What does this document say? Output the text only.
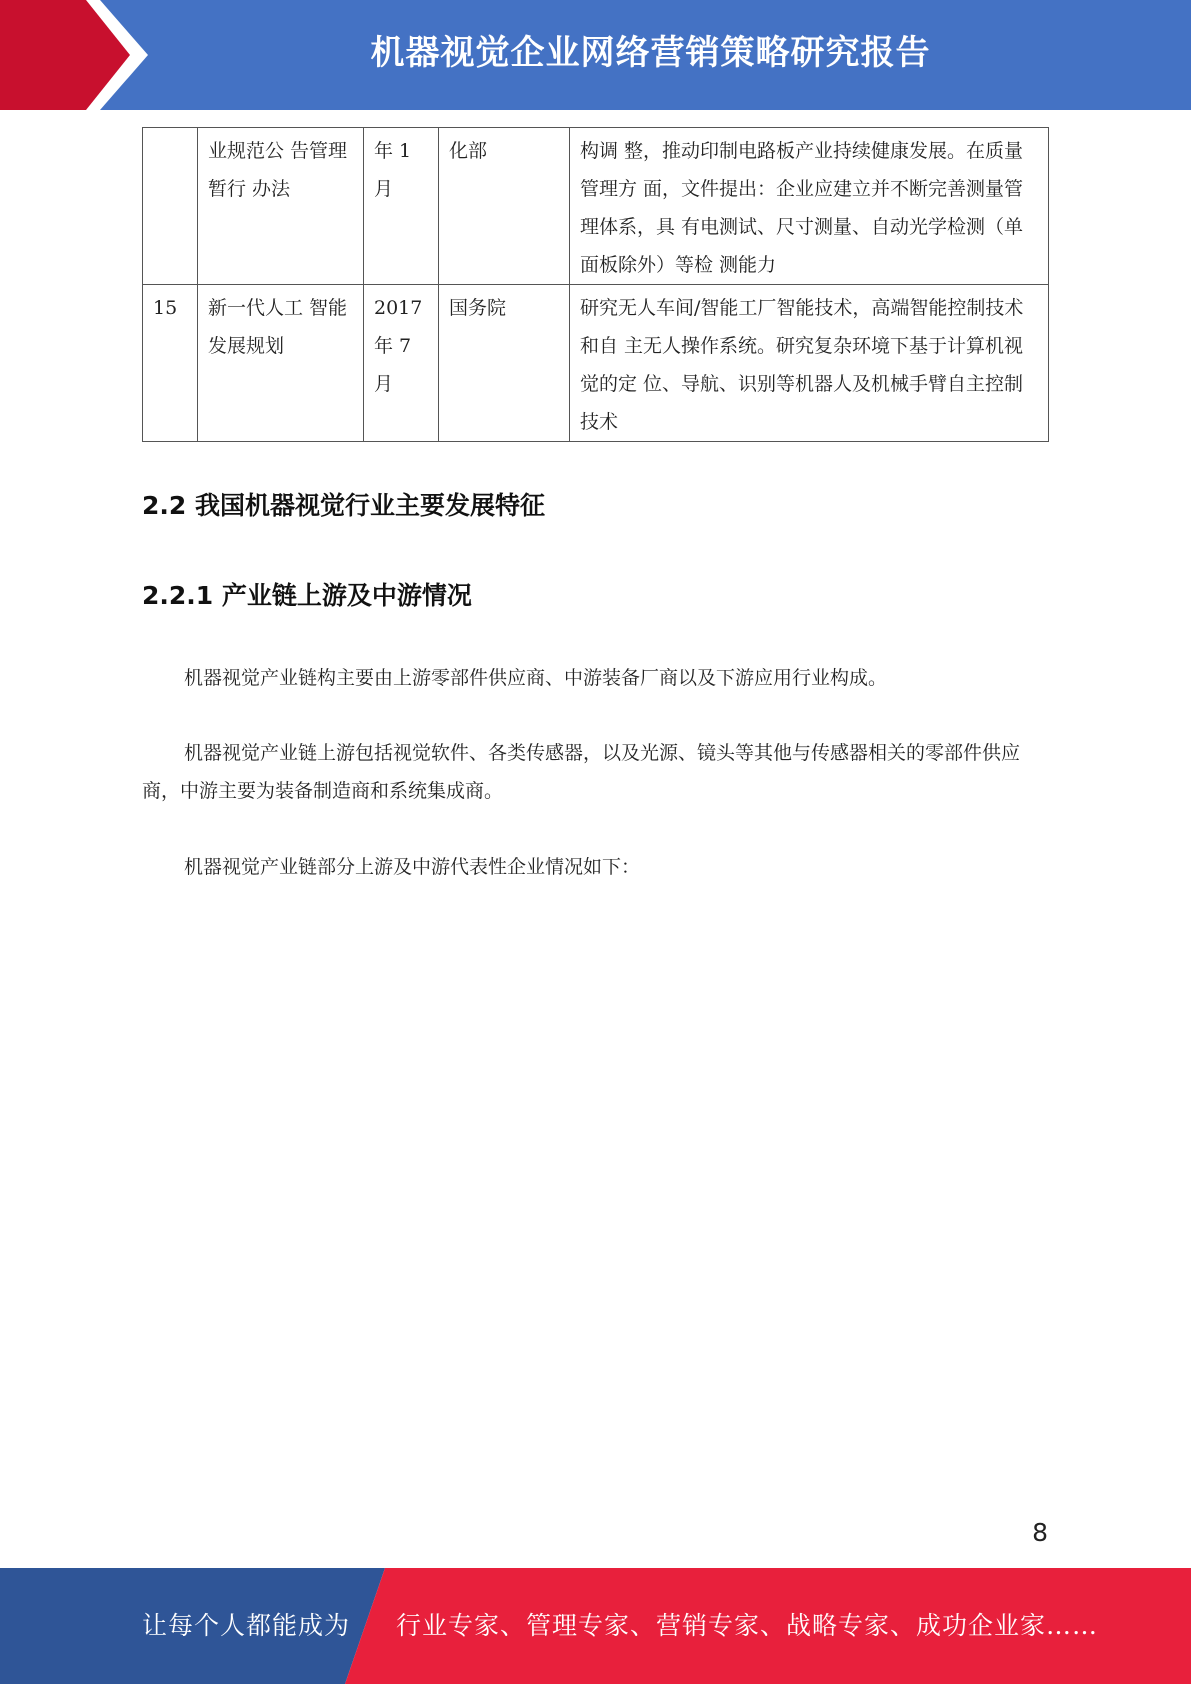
机器视觉企业网络营销策略研究报告
	业规范公 告管理暂行 办法	年 1 月	化部	构调 整，推动印制电路板产业持续健康发展。在质量管理方 面，文件提出：企业应建立并不断完善测量管理体系，具 有电测试、尺寸测量、自动光学检测（单面板除外）等检 测能力
15	新一代人工 智能发展规划	2017 年 7 月	国务院	研究无人车间/智能工厂智能技术，高端智能控制技术和自 主无人操作系统。研究复杂环境下基于计算机视觉的定 位、导航、识别等机器人及机械手臂自主控制技术
2.2 我国机器视觉行业主要发展特征
2.2.1 产业链上游及中游情况
机器视觉产业链构主要由上游零部件供应商、中游装备厂商以及下游应用行业构成。
机器视觉产业链上游包括视觉软件、各类传感器，以及光源、镜头等其他与传感器相关的零部件供应商，中游主要为装备制造商和系统集成商。
机器视觉产业链部分上游及中游代表性企业情况如下：
8
让每个人都能成为 行业专家、管理专家、营销专家、战略专家、成功企业家……
